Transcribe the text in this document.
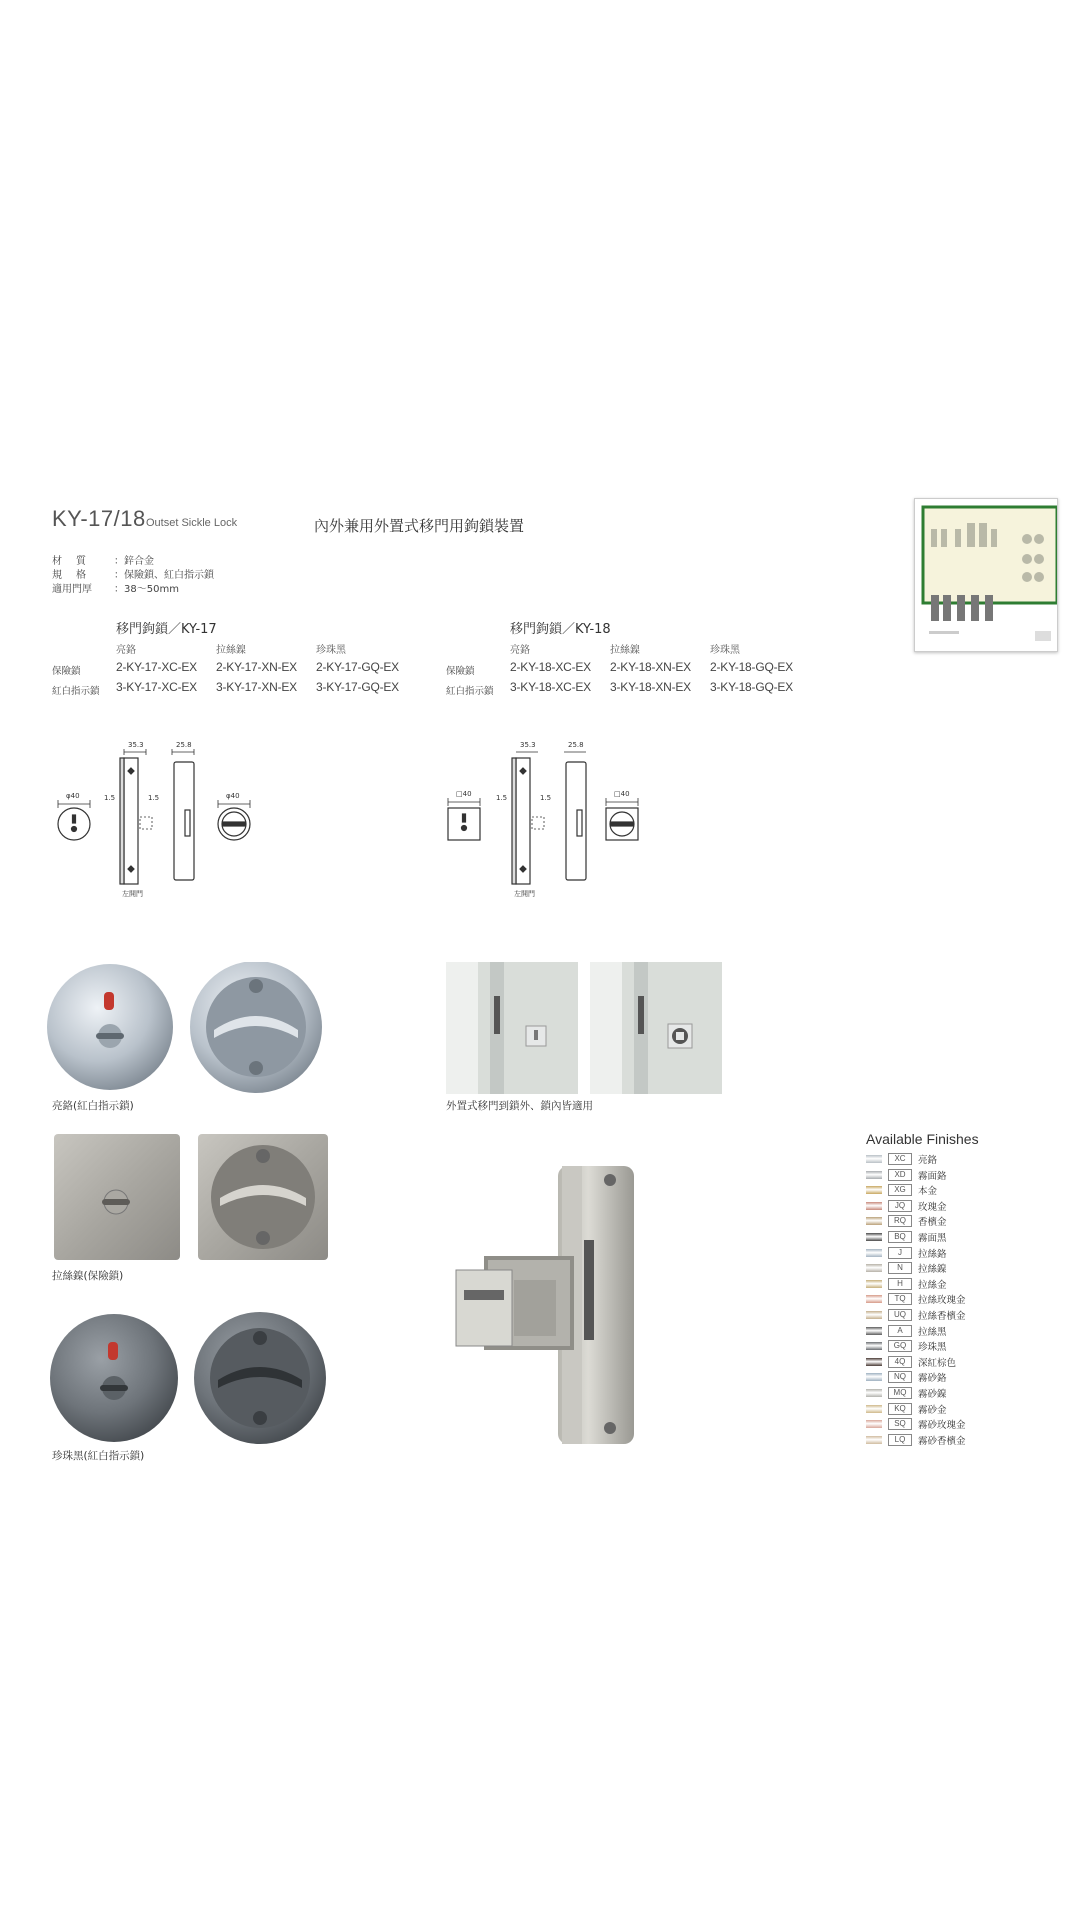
KY-17/18 Outset Sickle Lock	內外兼用外置式移門用鉤鎖裝置
材　質	：鋅合金
規　格	：保險鎖、紅白指示鎖
適用門厚 ：38〜50mm
移門鉤鎖／KY-17
亮鉻	拉絲鎳	珍珠黑
保險鎖	2-KY-17-XC-EX 2-KY-17-XN-EX 2-KY-17-GQ-EX
紅白指示鎖 3-KY-17-XC-EX 3-KY-17-XN-EX 3-KY-17-GQ-EX
移門鉤鎖／KY-18
亮鉻	拉絲鎳	珍珠黑
保險鎖	2-KY-18-XC-EX 2-KY-18-XN-EX 2-KY-18-GQ-EX
紅白指示鎖 3-KY-18-XC-EX 3-KY-18-XN-EX 3-KY-18-GQ-EX
φ40	1.5	1.5
35.3	25.8
φ40
左開門
□40	1.5	1.5
35.3	25.8
□40
左開門
亮鉻(紅白指示鎖)
拉絲鎳(保險鎖)
珍珠黑(紅白指示鎖)
外置式移門到鎖外、鎖內皆適用
Available Finishes
XC	亮鉻
XD	霧面鉻
XG	本金
JQ	玫瑰金
RQ	香檳金
BQ	霧面黑
J	拉絲鉻
N	拉絲鎳
H	拉絲金
TQ	拉絲玫瑰金
UQ	拉絲香檳金
A	拉絲黑
GQ	珍珠黑
4Q	深紅棕色
NQ	霧砂鉻
MQ	霧砂鎳
KQ	霧砂金
SQ	霧砂玫瑰金
LQ	霧砂香檳金
